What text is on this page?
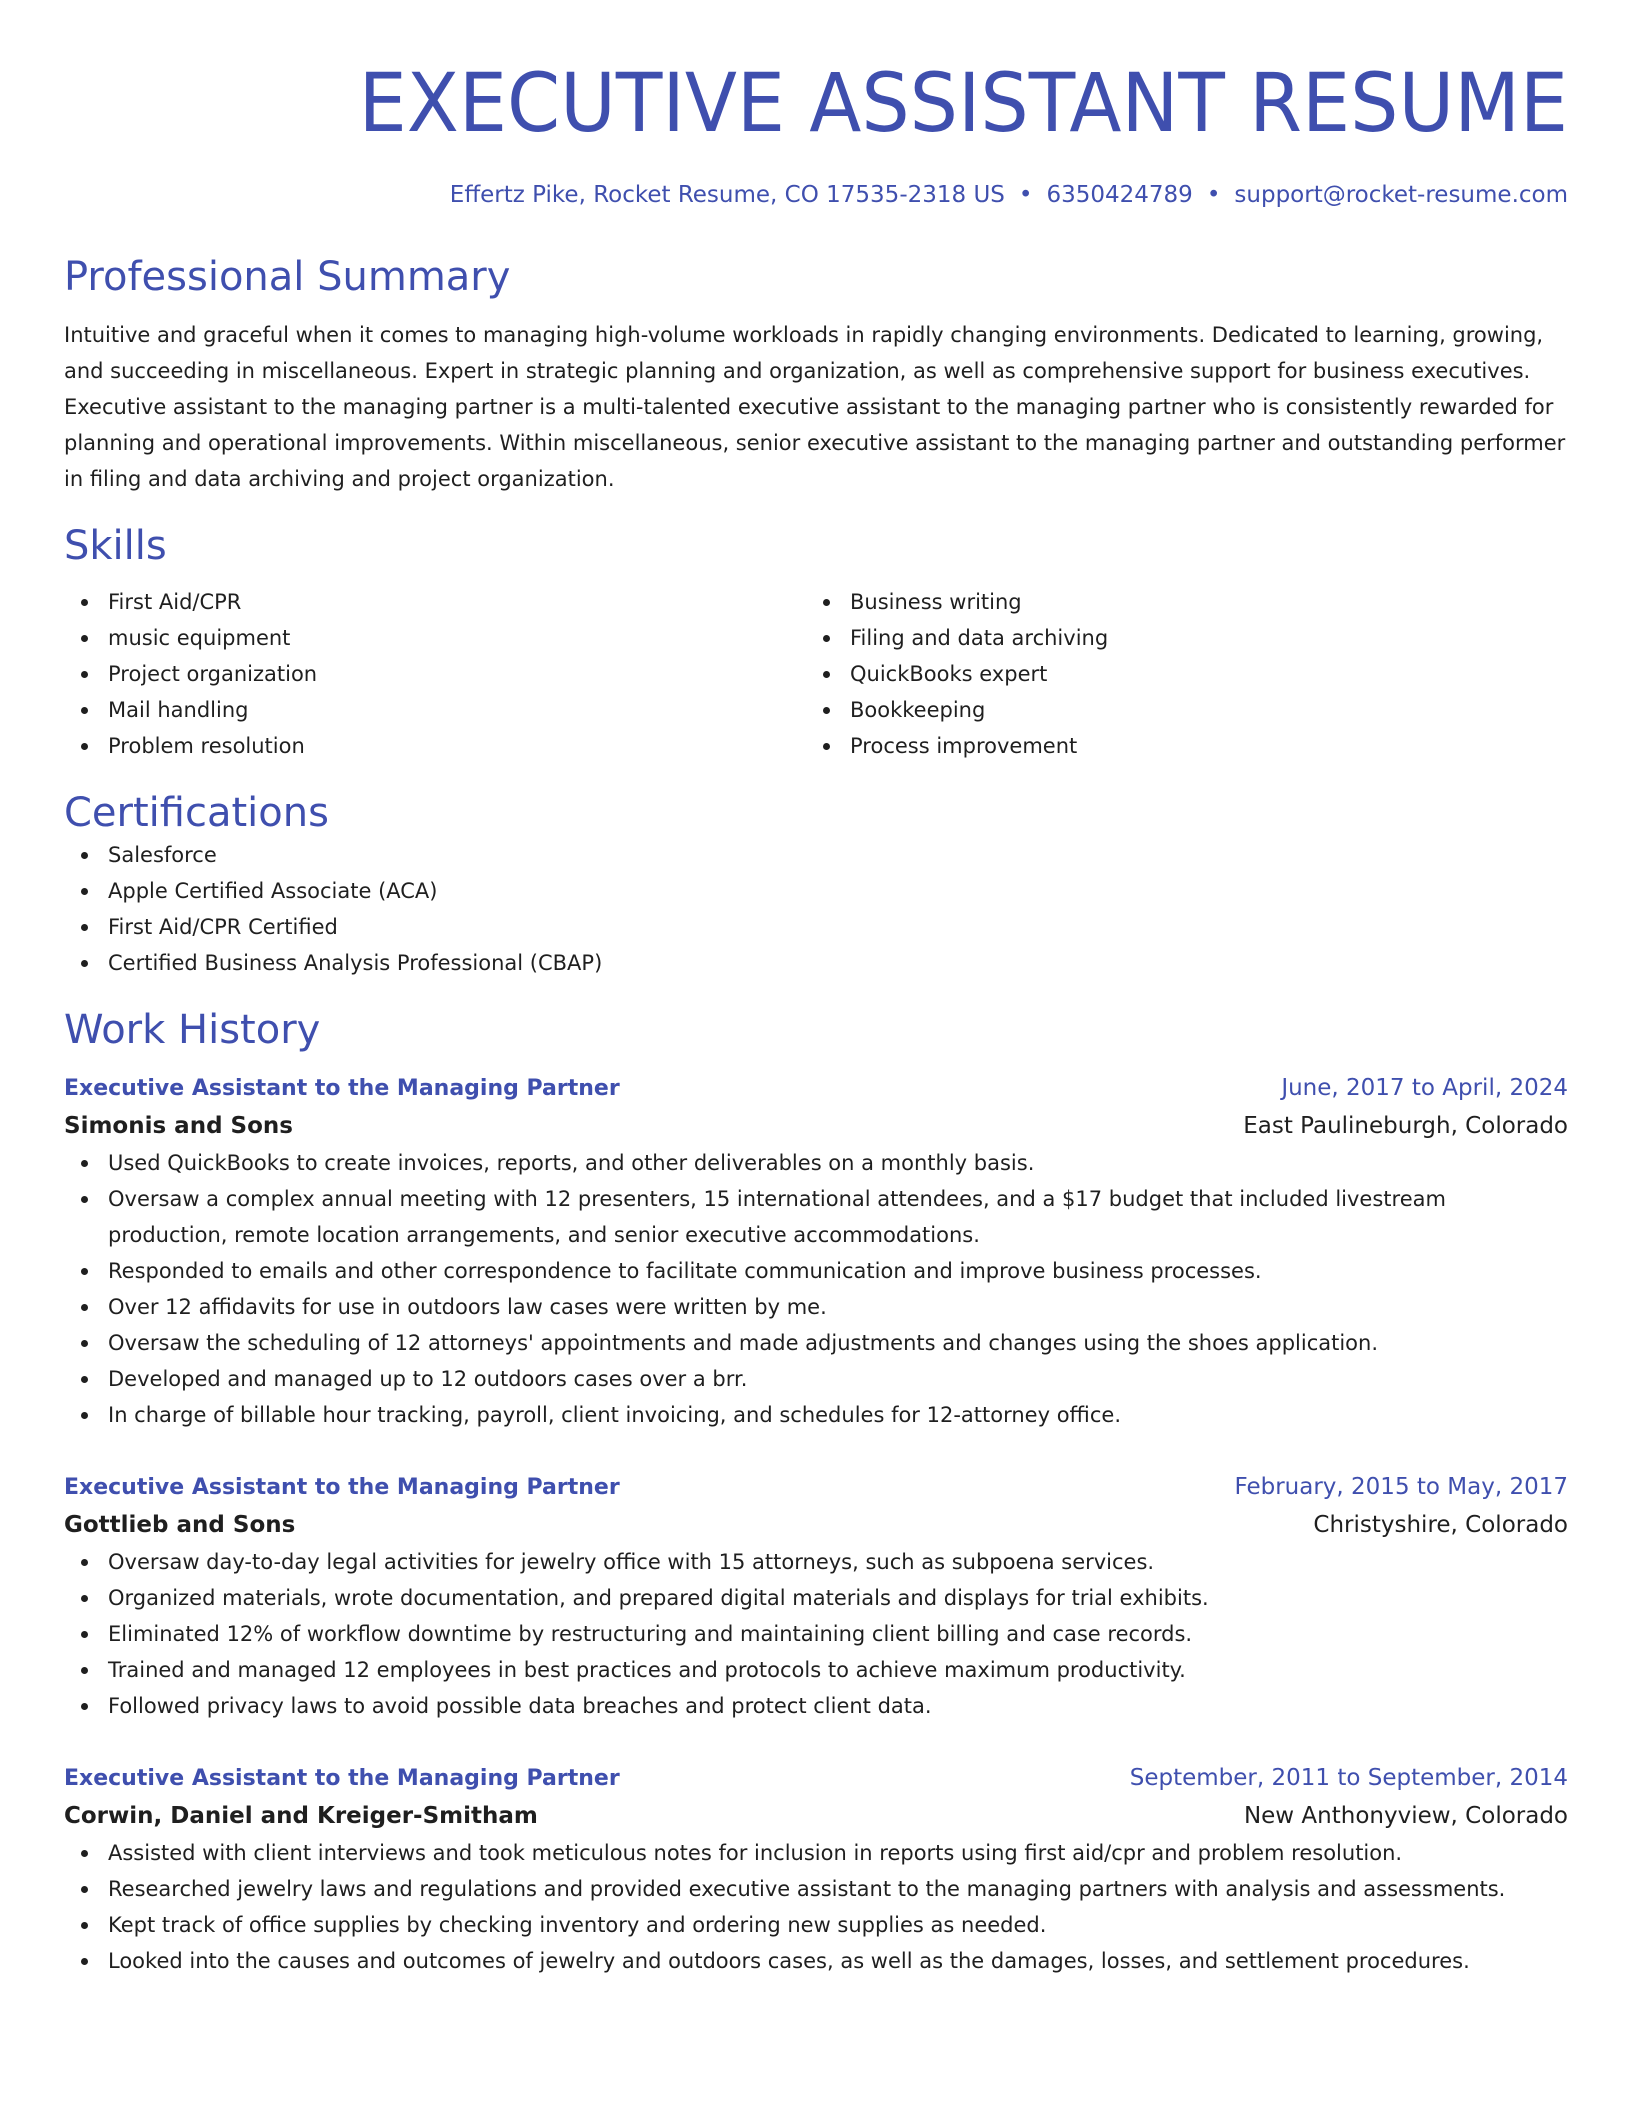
EXECUTIVE ASSISTANT RESUME
Effertz Pike, Rocket Resume, CO 17535-2318 US • 6350424789 • support@rocket-resume.com
Professional Summary

Intuitive and graceful when it comes to managing high-volume workloads in rapidly changing environments. Dedicated to learning, growing, and succeeding in miscellaneous. Expert in strategic planning and organization, as well as comprehensive support for business executives. Executive assistant to the managing partner is a multi-talented executive assistant to the managing partner who is consistently rewarded for planning and operational improvements. Within miscellaneous, senior executive assistant to the managing partner and outstanding performer in filing and data archiving and project organization.

Skills
First Aid/CPR
music equipment
Project organization
Mail handling
Problem resolution
Business writing
Filing and data archiving
QuickBooks expert
Bookkeeping
Process improvement
Certifications
Salesforce
Apple Certified Associate (ACA)
First Aid/CPR Certified
Certified Business Analysis Professional (CBAP)
Work History
Executive Assistant to the Managing Partner	June, 2017 to April, 2024
Simonis and Sons	East Paulineburgh, Colorado
Used QuickBooks to create invoices, reports, and other deliverables on a monthly basis.
Oversaw a complex annual meeting with 12 presenters, 15 international attendees, and a $17 budget that included livestream production, remote location arrangements, and senior executive accommodations.
Responded to emails and other correspondence to facilitate communication and improve business processes.
Over 12 affidavits for use in outdoors law cases were written by me.
Oversaw the scheduling of 12 attorneys' appointments and made adjustments and changes using the shoes application.
Developed and managed up to 12 outdoors cases over a brr.
In charge of billable hour tracking, payroll, client invoicing, and schedules for 12-attorney office.
Executive Assistant to the Managing Partner	February, 2015 to May, 2017
Gottlieb and Sons	Christyshire, Colorado
Oversaw day-to-day legal activities for jewelry office with 15 attorneys, such as subpoena services.
Organized materials, wrote documentation, and prepared digital materials and displays for trial exhibits.
Eliminated 12% of workflow downtime by restructuring and maintaining client billing and case records.
Trained and managed 12 employees in best practices and protocols to achieve maximum productivity.
Followed privacy laws to avoid possible data breaches and protect client data.
Executive Assistant to the Managing Partner	September, 2011 to September, 2014
Corwin, Daniel and Kreiger-Smitham	New Anthonyview, Colorado
Assisted with client interviews and took meticulous notes for inclusion in reports using first aid/cpr and problem resolution.
Researched jewelry laws and regulations and provided executive assistant to the managing partners with analysis and assessments.
Kept track of office supplies by checking inventory and ordering new supplies as needed.
Looked into the causes and outcomes of jewelry and outdoors cases, as well as the damages, losses, and settlement procedures.
